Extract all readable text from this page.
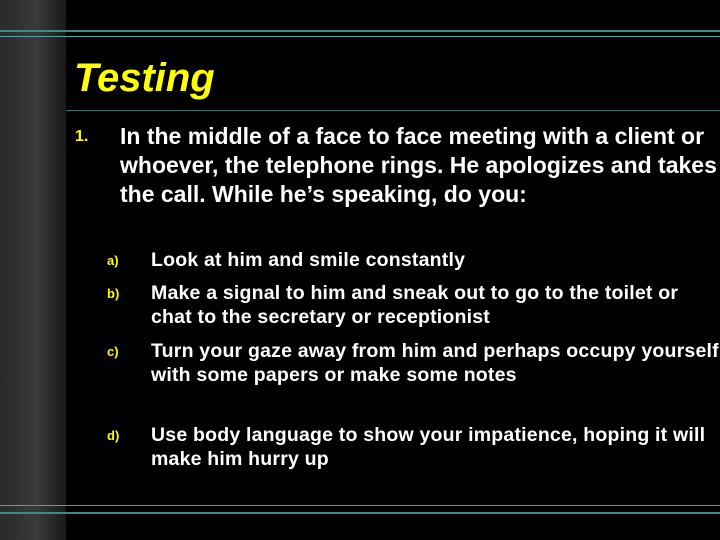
Testing
1. In the middle of a face to face meeting with a client or whoever, the telephone rings. He apologizes and takes the call. While he’s speaking, do you:

a) Look at him and smile constantly
b) Make a signal to him and sneak out to go to the toilet or chat to the secretary or receptionist
c) Turn your gaze away from him and perhaps occupy yourself with some papers or make some notes
d) Use body language to show your impatience, hoping it will make him hurry up
